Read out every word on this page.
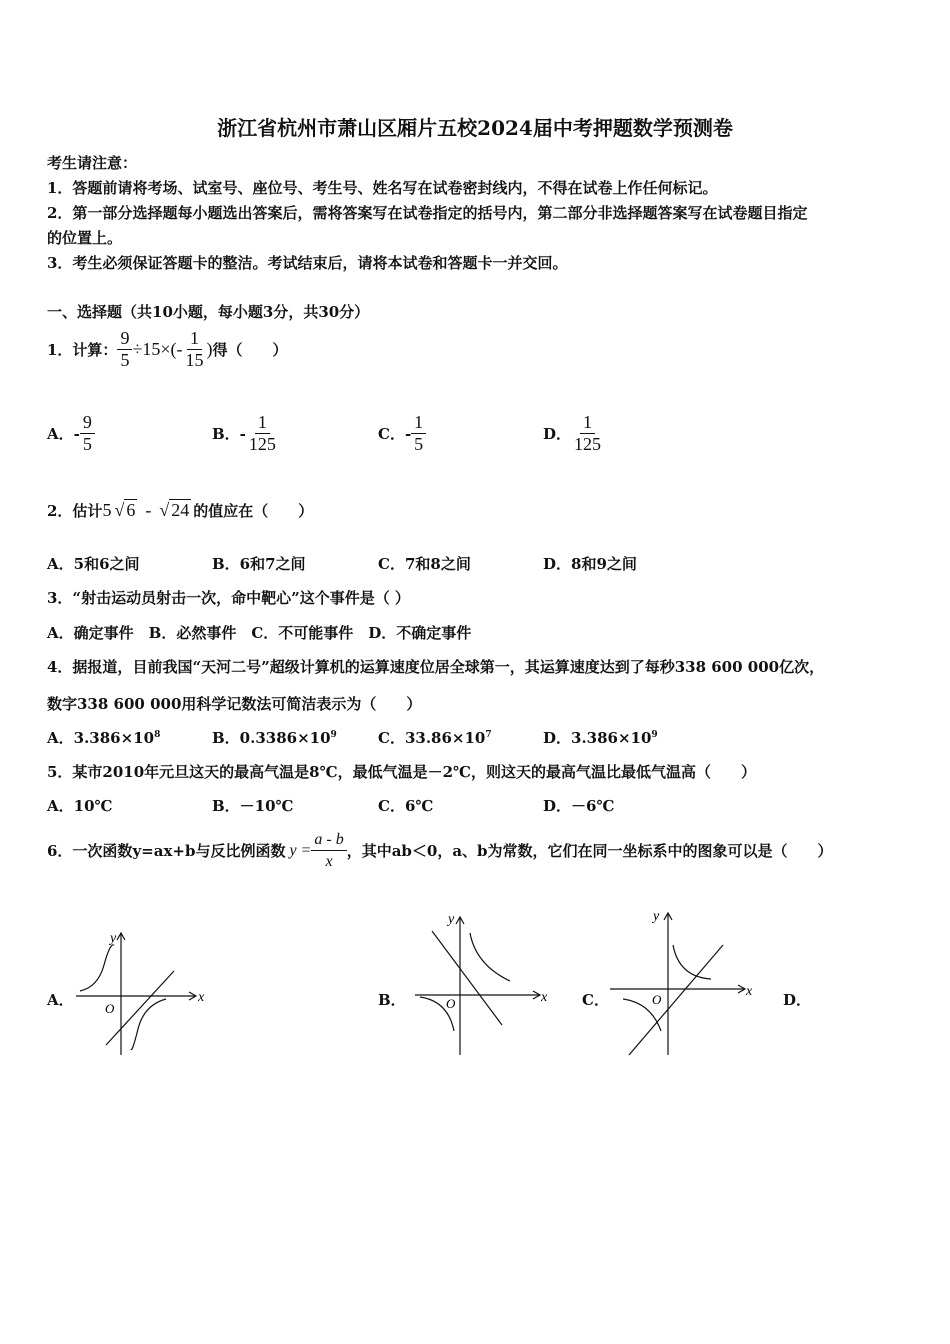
浙江省杭州市萧山区厢片五校2024届中考押题数学预测卷
考生请注意：
1．答题前请将考场、试室号、座位号、考生号、姓名写在试卷密封线内，不得在试卷上作任何标记。
2．第一部分选择题每小题选出答案后，需将答案写在试卷指定的括号内，第二部分非选择题答案写在试卷题目指定
的位置上。
3．考生必须保证答题卡的整洁。考试结束后，请将本试卷和答题卡一并交回。
一、选择题（共10小题，每小题3分，共30分）
1．计算： $\frac{9}{5} \div 15\times(- \frac{1}{15}$ ) 得（　　）
A．- $\frac{9}{5}$	B．- $\frac{1}{125}$	C．- $\frac{1}{5}$	D． $\frac{1}{125}$
2．估计 5 √ 6 - √ 24 的值应在（　　）
A．5和6之间	B．6和7之间	C．7和8之间	D．8和9之间
3．“射击运动员射击一次，命中靶心”这个事件是（ ）
A．确定事件　B．必然事件　C．不可能事件　D．不确定事件
4．据报道，目前我国“天河二号”超级计算机的运算速度位居全球第一，其运算速度达到了每秒338 600 000亿次，
数字338 600 000用科学记数法可简洁表示为（　　）
A．$3.386\times 10^8$	B．$0.3386\times 10^9$	C．$33.86\times 10^7$	D．$3.386\times 10^9$
5．某市2010年元旦这天的最高气温是8℃，最低气温是－2℃，则这天的最高气温比最低气温高（　　）
A．10℃	B．－10℃	C．6℃	D．－6℃
6．一次函数y=ax+b与反比例函数 $y = \frac{a - b}{x}$ ，其中ab＜0，a、b为常数，它们在同一坐标系中的图象可以是（　　）
A．	B．	C．	D．
x
y
O
x
y
O
x
y
O
